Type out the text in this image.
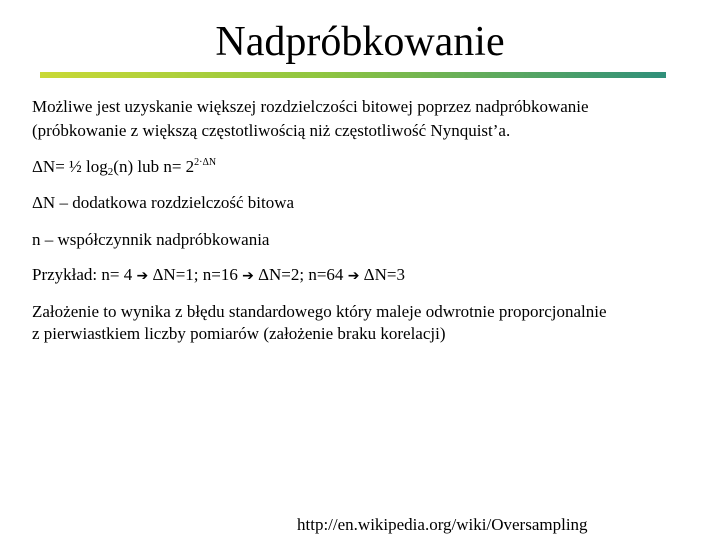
Nadpróbkowanie
Możliwe jest uzyskanie większej rozdzielczości bitowej poprzez nadpróbkowanie
(próbkowanie z większą częstotliwością niż częstotliwość Nynquist’a.
ΔN= ½ $\log_2(n)$ lub $n= 2^{2\cdot\Delta N}$
ΔN – dodatkowa rozdzielczość bitowa
n – współczynnik nadpróbkowania
Przykład: n= 4 ➔ ΔN=1; n=16 ➔ ΔN=2; n=64 ➔ ΔN=3
Założenie to wynika z błędu standardowego który maleje odwrotnie proporcjonalnie
z pierwiastkiem liczby pomiarów (założenie braku korelacji)
http://en.wikipedia.org/wiki/Oversampling
